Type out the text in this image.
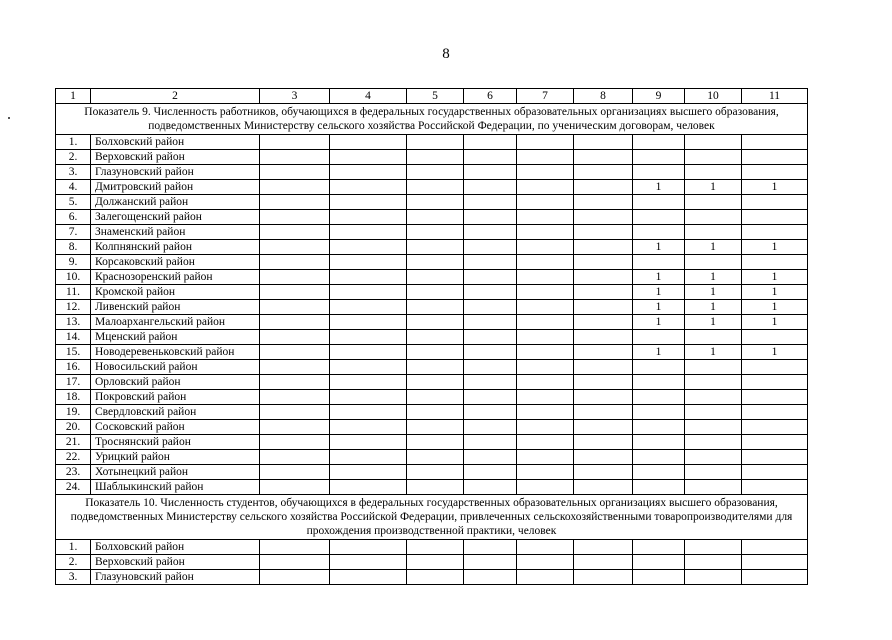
8
1	2	3	4	5	6	7	8	9	10	11
Показатель 9. Численность работников, обучающихся в федеральных государственных образовательных организациях высшего образования, подведомственных Министерству сельского хозяйства Российской Федерации, по ученическим договорам, человек										
1.	Болховский район									
2.	Верховский район									
3.	Глазуновский район									
4.	Дмитровский район							1	1	1
5.	Должанский район									
6.	Залегощенский район									
7.	Знаменский район									
8.	Колпнянский район							1	1	1
9.	Корсаковский район									
10.	Краснозоренский район							1	1	1
11.	Кромской район							1	1	1
12.	Ливенский район							1	1	1
13.	Малоархангельский район							1	1	1
14.	Мценский район									
15.	Новодеревеньковский район							1	1	1
16.	Новосильский район									
17.	Орловский район									
18.	Покровский район									
19.	Свердловский район									
20.	Сосковский район									
21.	Троснянский район									
22.	Урицкий район									
23.	Хотынецкий район									
24.	Шаблыкинский район									
Показатель 10. Численность студентов, обучающихся в федеральных государственных образовательных организациях высшего образования, подведомственных Министерству сельского хозяйства Российской Федерации, привлеченных сельскохозяйственными товаропроизводителями для прохождения производственной практики, человек										
1.	Болховский район									
2.	Верховский район									
3.	Глазуновский район									
